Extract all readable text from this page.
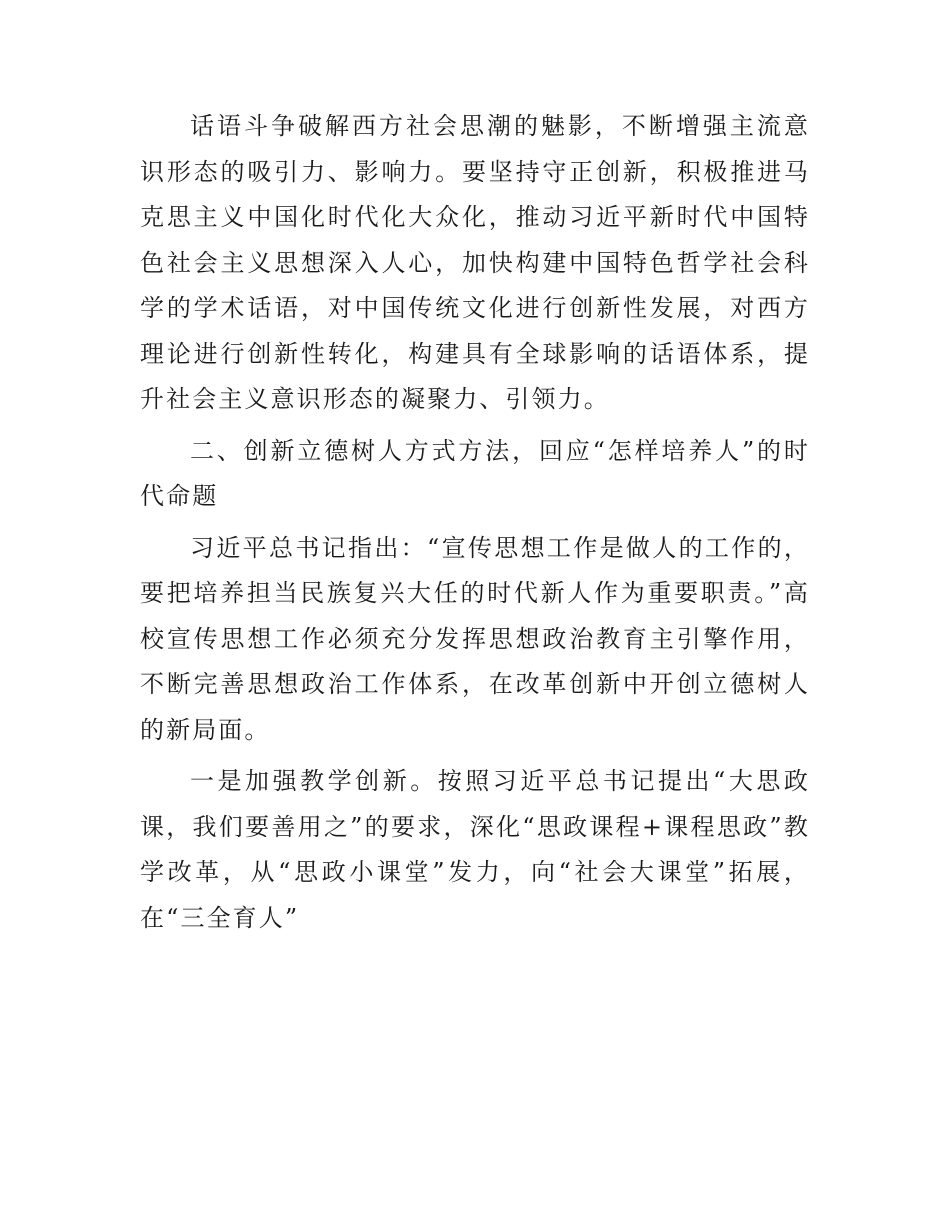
话语斗争破解西方社会思潮的魅影，不断增强主流意识形态的吸引力、影响力。要坚持守正创新，积极推进马克思主义中国化时代化大众化，推动习近平新时代中国特色社会主义思想深入人心，加快构建中国特色哲学社会科学的学术话语，对中国传统文化进行创新性发展，对西方理论进行创新性转化，构建具有全球影响的话语体系，提升社会主义意识形态的凝聚力、引领力。

二、创新立德树人方式方法，回应“怎样培养人”的时代命题

习近平总书记指出：“宣传思想工作是做人的工作的，要把培养担当民族复兴大任的时代新人作为重要职责。”高校宣传思想工作必须充分发挥思想政治教育主引擎作用，不断完善思想政治工作体系，在改革创新中开创立德树人的新局面。

一是加强教学创新。按照习近平总书记提出“大思政课，我们要善用之”的要求，深化“思政课程+课程思政”教学改革，从“思政小课堂”发力，向“社会大课堂”拓展，在“三全育人”
